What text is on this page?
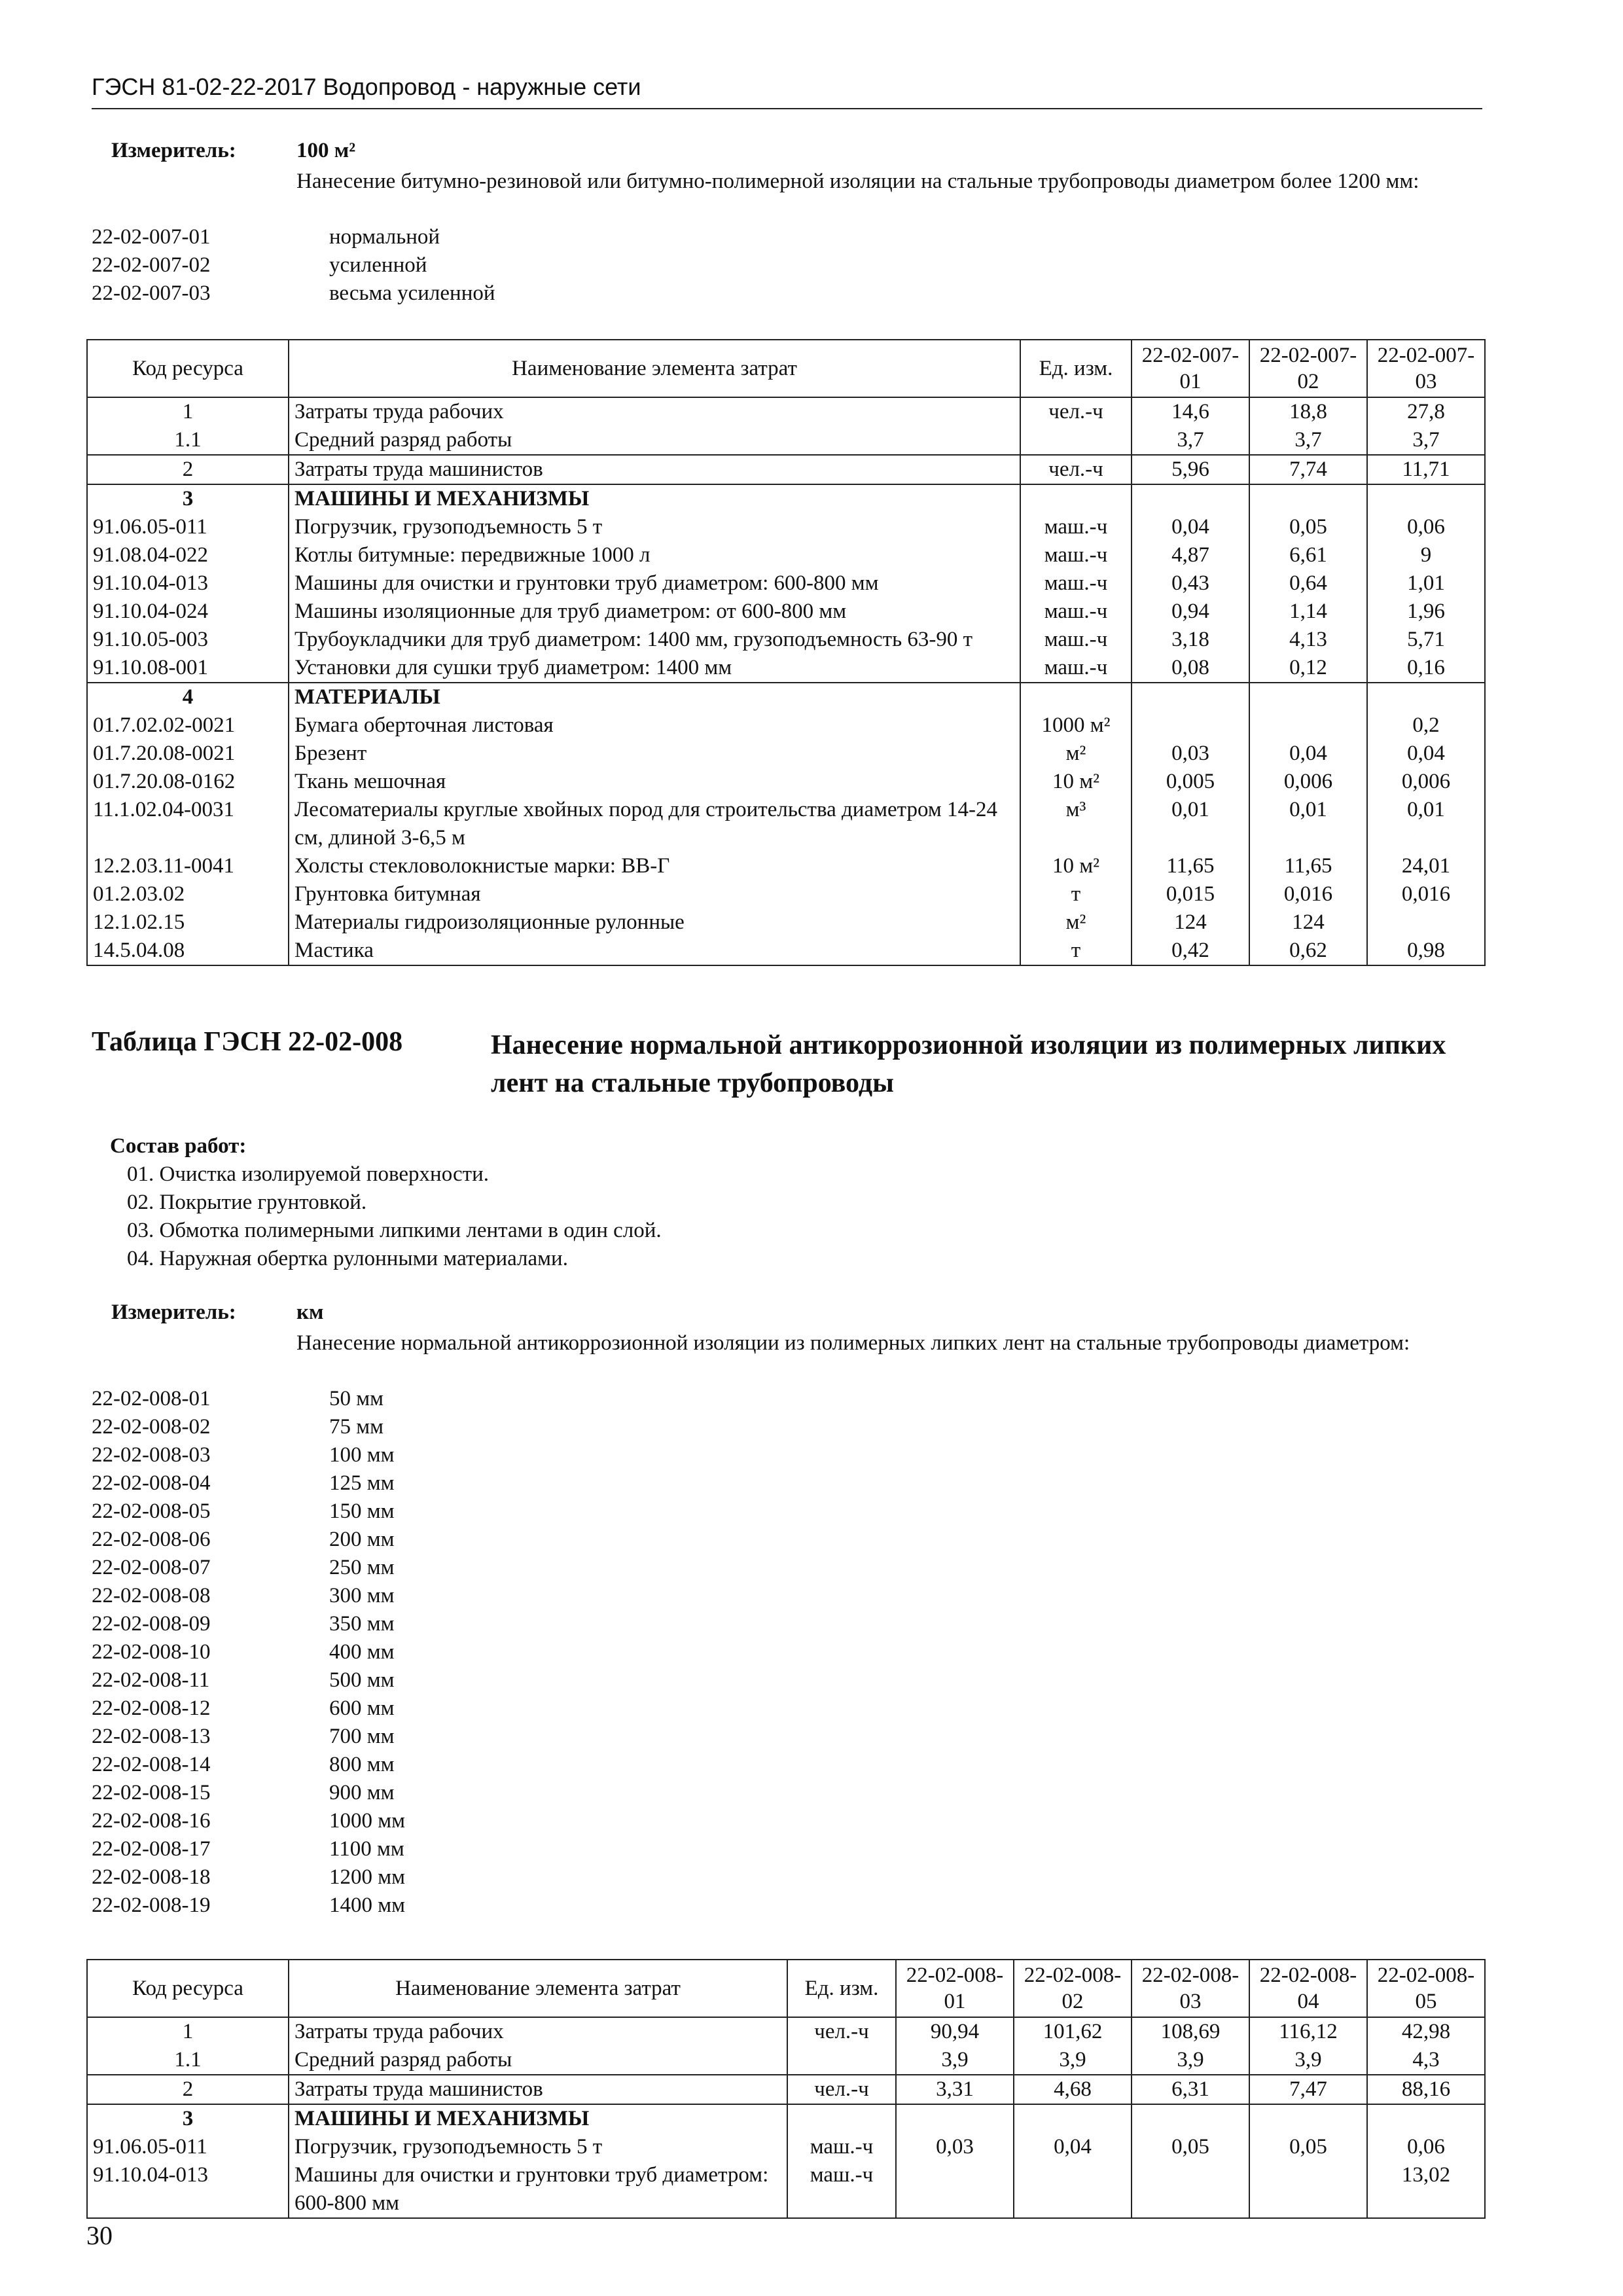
ГЭСН 81-02-22-2017 Водопровод - наружные сети
Измеритель:	100 м²
Нанесение битумно-резиновой или битумно-полимерной изоляции на стальные трубопроводы диаметром более 1200 мм:
22-02-007-01	нормальной
22-02-007-02	усиленной
22-02-007-03	весьма усиленной
Код ресурса	Наименование элемента затрат	Ед. изм.	22-02-007-01	22-02-007-02	22-02-007-03
1	Затраты труда рабочих	чел.-ч	14,6	18,8	27,8
1.1	Средний разряд работы		3,7	3,7	3,7
2	Затраты труда машинистов	чел.-ч	5,96	7,74	11,71
3	МАШИНЫ И МЕХАНИЗМЫ				
91.06.05-011	Погрузчик, грузоподъемность 5 т	маш.-ч	0,04	0,05	0,06
91.08.04-022	Котлы битумные: передвижные 1000 л	маш.-ч	4,87	6,61	9
91.10.04-013	Машины для очистки и грунтовки труб диаметром: 600-800 мм	маш.-ч	0,43	0,64	1,01
91.10.04-024	Машины изоляционные для труб диаметром: от 600-800 мм	маш.-ч	0,94	1,14	1,96
91.10.05-003	Трубоукладчики для труб диаметром: 1400 мм, грузоподъемность 63-90 т	маш.-ч	3,18	4,13	5,71
91.10.08-001	Установки для сушки труб диаметром: 1400 мм	маш.-ч	0,08	0,12	0,16
4	МАТЕРИАЛЫ				
01.7.02.02-0021	Бумага оберточная листовая	1000 м²			0,2
01.7.20.08-0021	Брезент	м²	0,03	0,04	0,04
01.7.20.08-0162	Ткань мешочная	10 м²	0,005	0,006	0,006
11.1.02.04-0031	Лесоматериалы круглые хвойных пород для строительства диаметром 14-24 см, длиной 3-6,5 м	м³	0,01	0,01	0,01
12.2.03.11-0041	Холсты стекловолокнистые марки: ВВ-Г	10 м²	11,65	11,65	24,01
01.2.03.02	Грунтовка битумная	т	0,015	0,016	0,016
12.1.02.15	Материалы гидроизоляционные рулонные	м²	124	124	
14.5.04.08	Мастика	т	0,42	0,62	0,98
Таблица ГЭСН 22-02-008	Нанесение нормальной антикоррозионной изоляции из полимерных липких лент на стальные трубопроводы
Состав работ:
01. Очистка изолируемой поверхности.
02. Покрытие грунтовкой.
03. Обмотка полимерными липкими лентами в один слой.
04. Наружная обертка рулонными материалами.
Измеритель:	км
Нанесение нормальной антикоррозионной изоляции из полимерных липких лент на стальные трубопроводы диаметром:
22-02-008-01	50 мм
22-02-008-02	75 мм
22-02-008-03	100 мм
22-02-008-04	125 мм
22-02-008-05	150 мм
22-02-008-06	200 мм
22-02-008-07	250 мм
22-02-008-08	300 мм
22-02-008-09	350 мм
22-02-008-10	400 мм
22-02-008-11	500 мм
22-02-008-12	600 мм
22-02-008-13	700 мм
22-02-008-14	800 мм
22-02-008-15	900 мм
22-02-008-16	1000 мм
22-02-008-17	1100 мм
22-02-008-18	1200 мм
22-02-008-19	1400 мм
Код ресурса	Наименование элемента затрат	Ед. изм.	22-02-008-01	22-02-008-02	22-02-008-03	22-02-008-04	22-02-008-05
1	Затраты труда рабочих	чел.-ч	90,94	101,62	108,69	116,12	42,98
1.1	Средний разряд работы		3,9	3,9	3,9	3,9	4,3
2	Затраты труда машинистов	чел.-ч	3,31	4,68	6,31	7,47	88,16
3	МАШИНЫ И МЕХАНИЗМЫ						
91.06.05-011	Погрузчик, грузоподъемность 5 т	маш.-ч	0,03	0,04	0,05	0,05	0,06
91.10.04-013	Машины для очистки и грунтовки труб диаметром: 600-800 мм	маш.-ч					13,02
30
